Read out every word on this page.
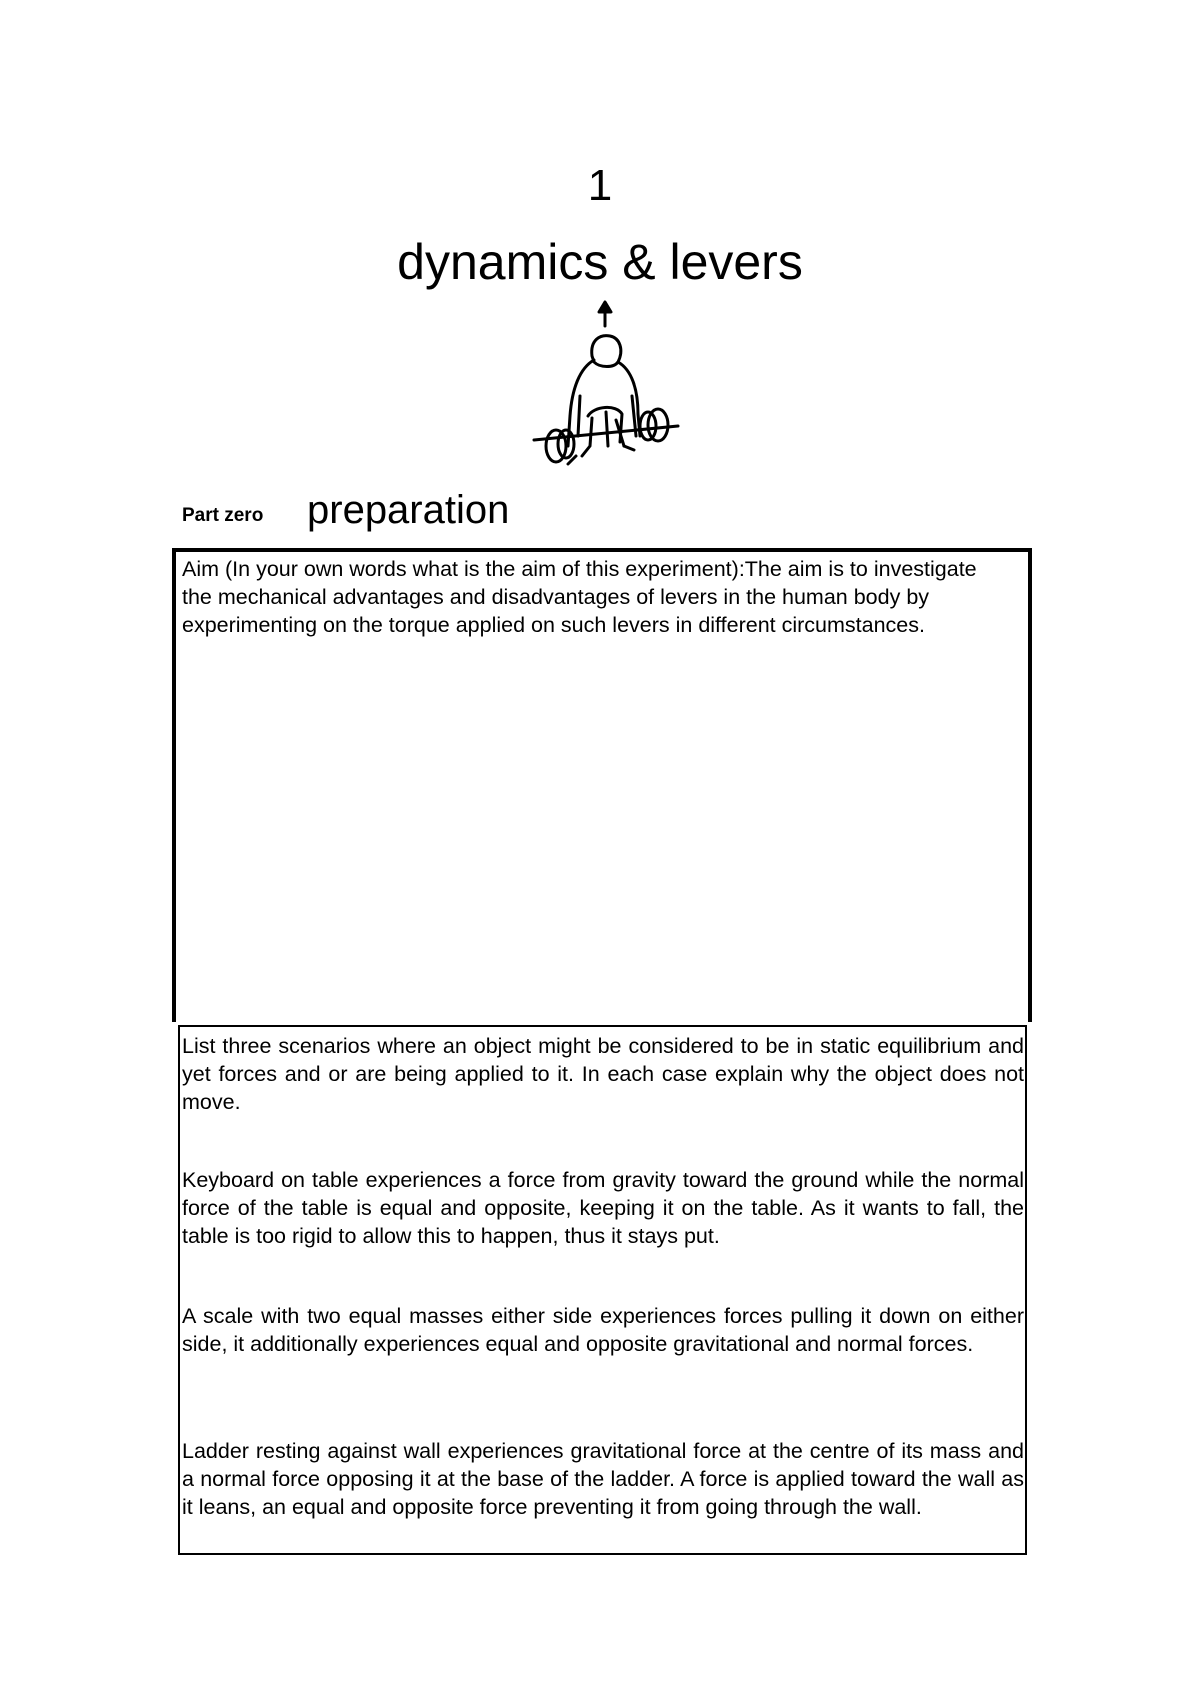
1
dynamics & levers
Part zero preparation

Aim (In your own words what is the aim of this experiment):The aim is to investigate the mechanical advantages and disadvantages of levers in the human body by experimenting on the torque applied on such levers in different circumstances.

List three scenarios where an object might be considered to be in static equilibrium and yet forces and or are being applied to it. In each case explain why the object does not move.

Keyboard on table experiences a force from gravity toward the ground while the normal force of the table is equal and opposite, keeping it on the table. As it wants to fall, the table is too rigid to allow this to happen, thus it stays put.

A scale with two equal masses either side experiences forces pulling it down on either side, it additionally experiences equal and opposite gravitational and normal forces.

Ladder resting against wall experiences gravitational force at the centre of its mass and a normal force opposing it at the base of the ladder. A force is applied toward the wall as it leans, an equal and opposite force preventing it from going through the wall.
